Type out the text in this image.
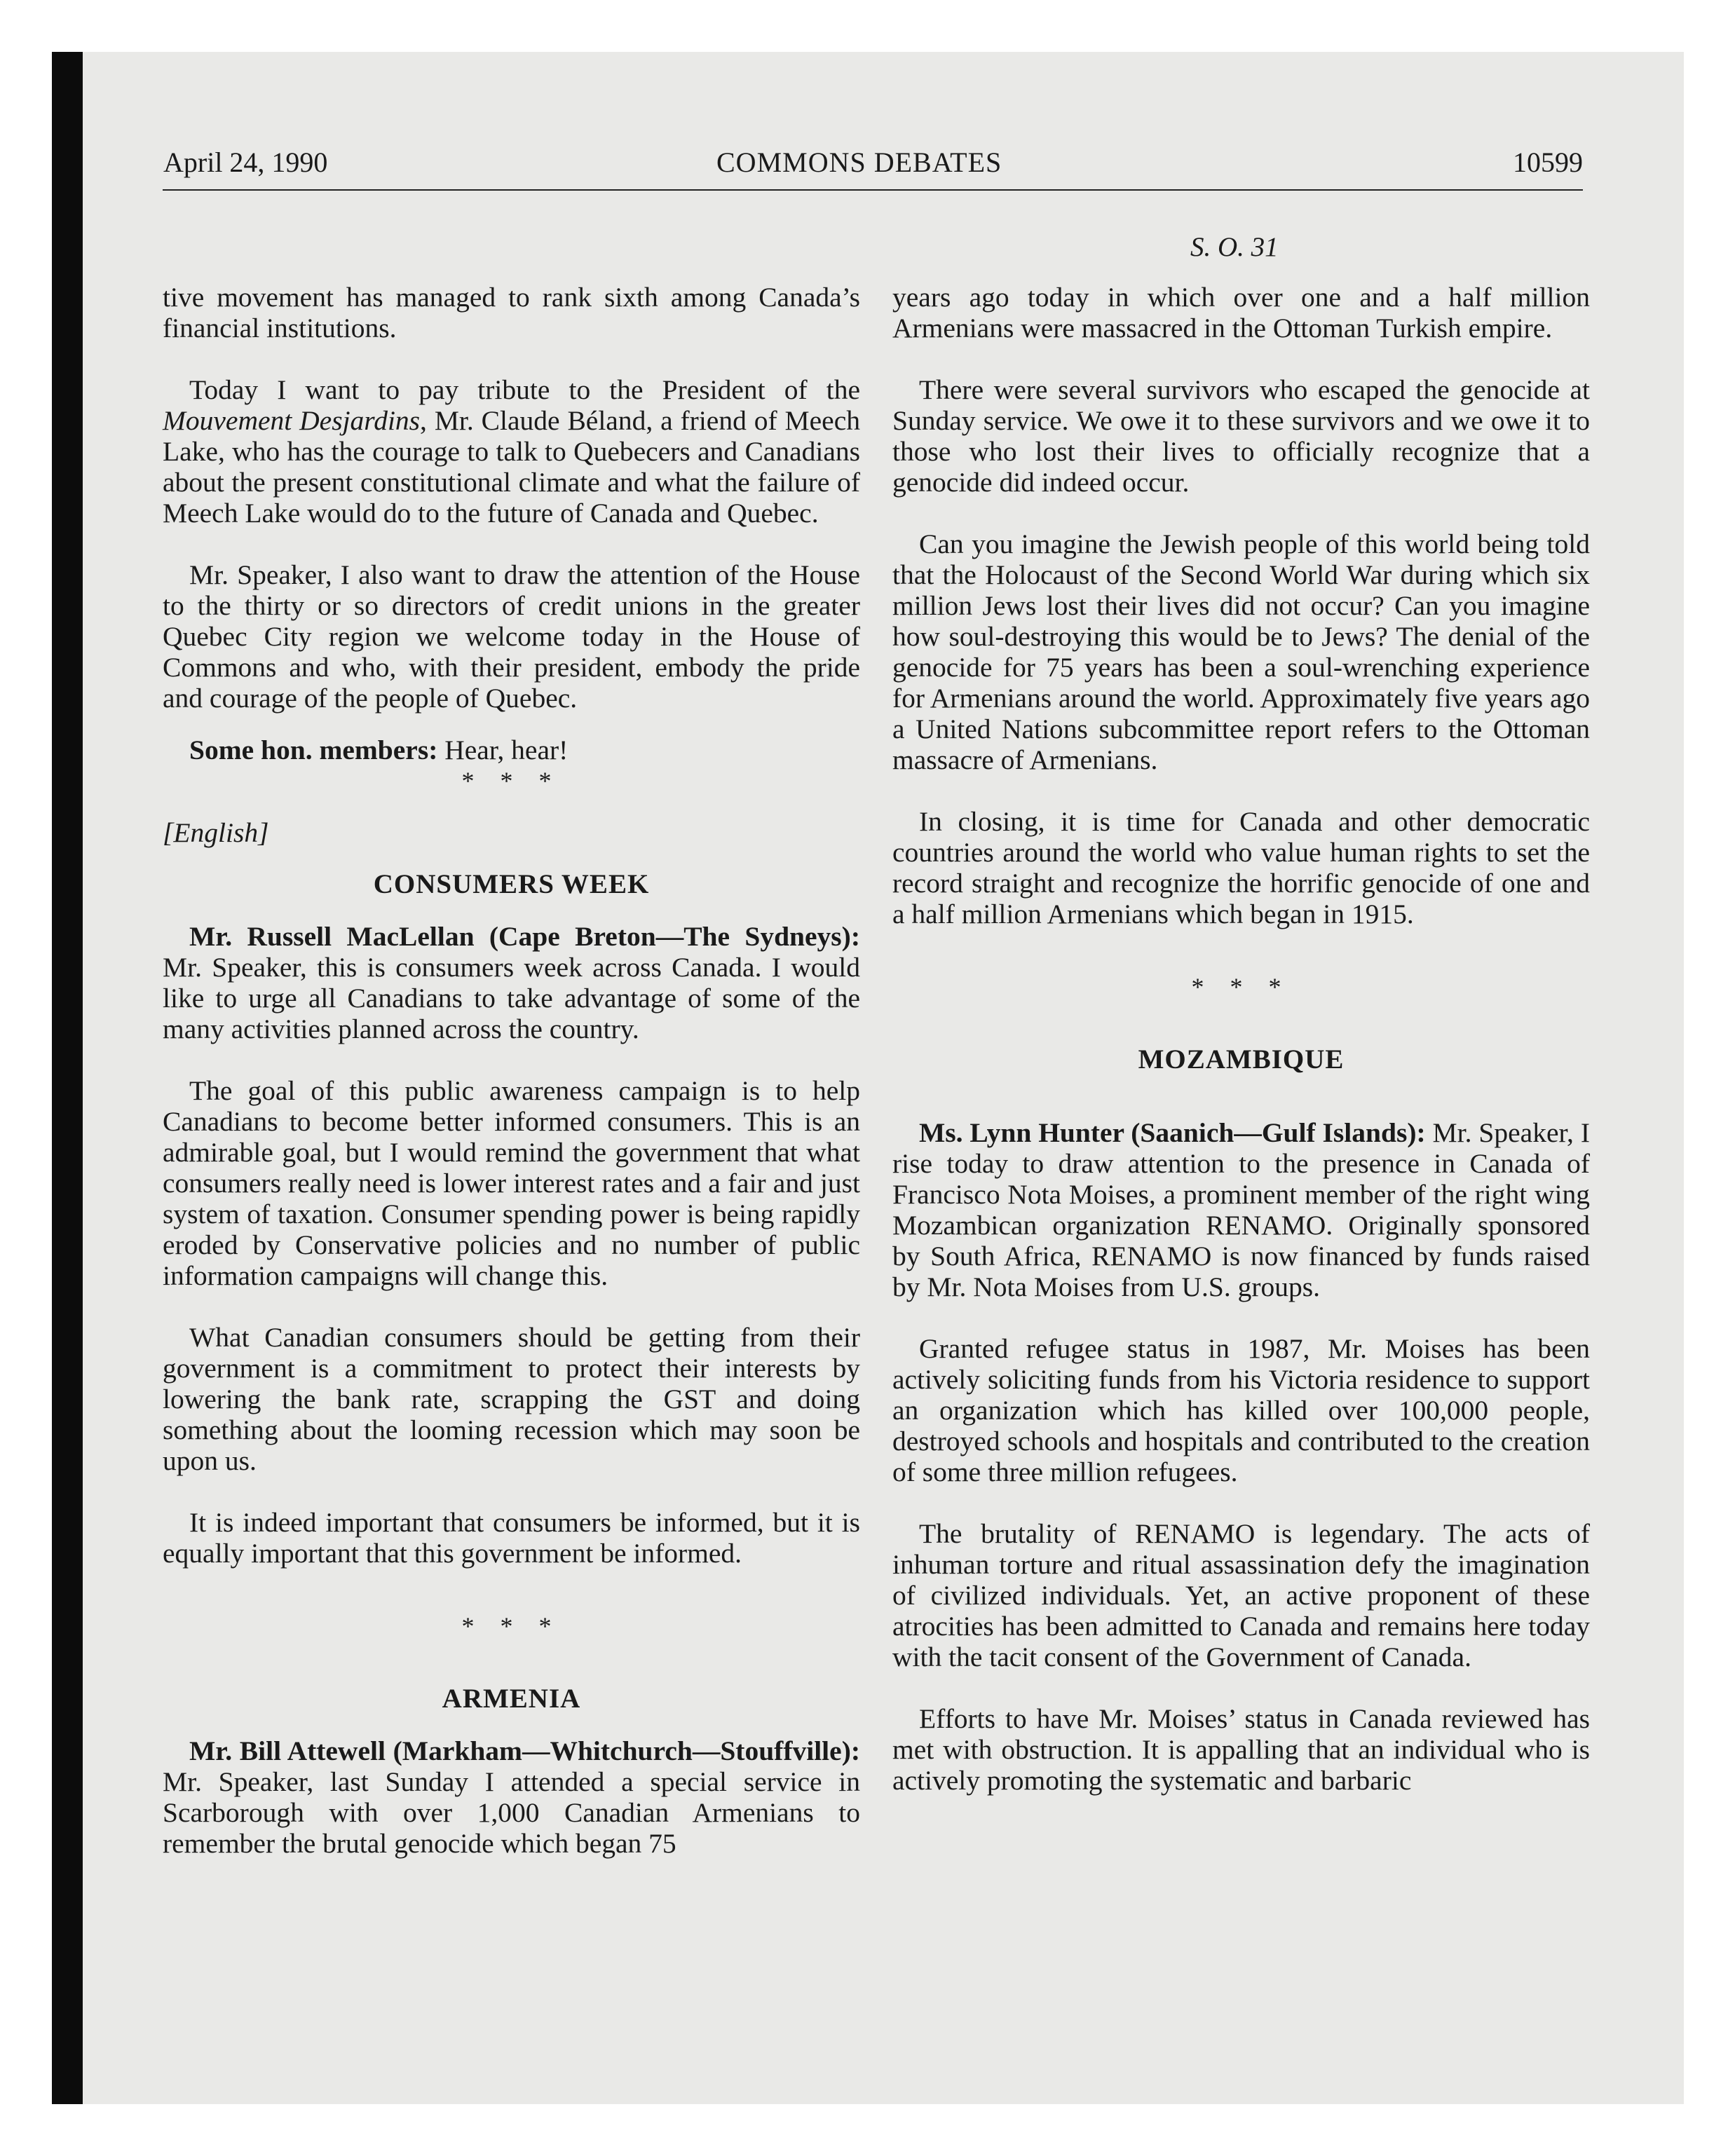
April 24, 1990	COMMONS DEBATES	10599
S. O. 31

tive movement has managed to rank sixth among Canada’s financial institutions.

Today I want to pay tribute to the President of the Mouvement Desjardins, Mr. Claude Béland, a friend of Meech Lake, who has the courage to talk to Quebecers and Canadians about the present constitutional climate and what the failure of Meech Lake would do to the future of Canada and Quebec.

Mr. Speaker, I also want to draw the attention of the House to the thirty or so directors of credit unions in the greater Quebec City region we welcome today in the House of Commons and who, with their president, embody the pride and courage of the people of Quebec.

Some hon. members: Hear, hear!

* * *

[English]

CONSUMERS WEEK

Mr. Russell MacLellan (Cape Breton—The Sydneys): Mr. Speaker, this is consumers week across Canada. I would like to urge all Canadians to take advantage of some of the many activities planned across the country.

The goal of this public awareness campaign is to help Canadians to become better informed consumers. This is an admirable goal, but I would remind the government that what consumers really need is lower interest rates and a fair and just system of taxation. Consumer spending power is being rapidly eroded by Conservative policies and no number of public information campaigns will change this.

What Canadian consumers should be getting from their government is a commitment to protect their interests by lowering the bank rate, scrapping the GST and doing something about the looming recession which may soon be upon us.

It is indeed important that consumers be informed, but it is equally important that this government be informed.

* * *

ARMENIA

Mr. Bill Attewell (Markham—Whitchurch—Stouffville): Mr. Speaker, last Sunday I attended a special service in Scarborough with over 1,000 Canadian Armenians to remember the brutal genocide which began 75

years ago today in which over one and a half million Armenians were massacred in the Ottoman Turkish empire.

There were several survivors who escaped the genocide at Sunday service. We owe it to these survivors and we owe it to those who lost their lives to officially recognize that a genocide did indeed occur.

Can you imagine the Jewish people of this world being told that the Holocaust of the Second World War during which six million Jews lost their lives did not occur? Can you imagine how soul-destroying this would be to Jews? The denial of the genocide for 75 years has been a soul-wrenching experience for Armenians around the world. Approximately five years ago a United Nations subcommittee report refers to the Ottoman massacre of Armenians.

In closing, it is time for Canada and other democratic countries around the world who value human rights to set the record straight and recognize the horrific genocide of one and a half million Armenians which began in 1915.

* * *

MOZAMBIQUE

Ms. Lynn Hunter (Saanich—Gulf Islands): Mr. Speaker, I rise today to draw attention to the presence in Canada of Francisco Nota Moises, a prominent member of the right wing Mozambican organization RENAMO. Originally sponsored by South Africa, RENAMO is now financed by funds raised by Mr. Nota Moises from U.S. groups.

Granted refugee status in 1987, Mr. Moises has been actively soliciting funds from his Victoria residence to support an organization which has killed over 100,000 people, destroyed schools and hospitals and contributed to the creation of some three million refugees.

The brutality of RENAMO is legendary. The acts of inhuman torture and ritual assassination defy the imagination of civilized individuals. Yet, an active proponent of these atrocities has been admitted to Canada and remains here today with the tacit consent of the Government of Canada.

Efforts to have Mr. Moises’ status in Canada reviewed has met with obstruction. It is appalling that an individual who is actively promoting the systematic and barbaric
